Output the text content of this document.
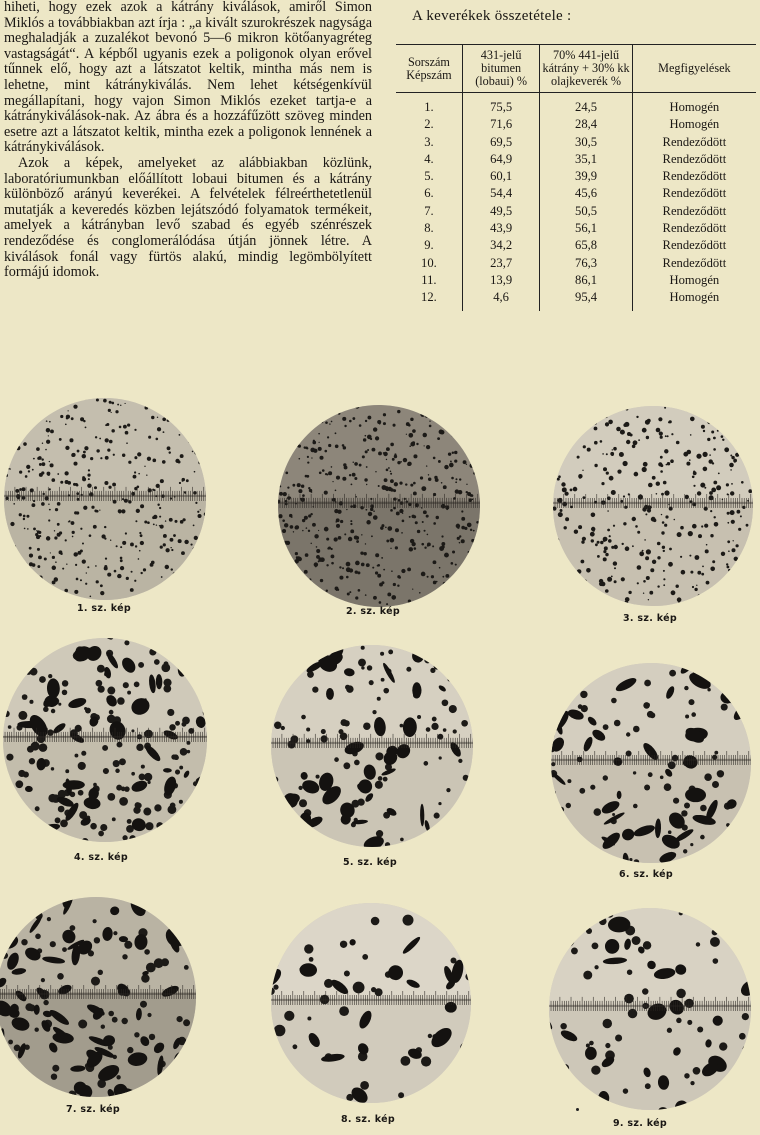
hiheti, hogy ezek azok a kátrány kiválások, amiről Simon Miklós a továbbiakban azt írja : „a kivált szurokrészek nagysága meghaladják a zuzalékot bevonó 5—6 mikron kötőanyagréteg vastagságát“. A képből ugyanis ezek a poligonok olyan erővel tűnnek elő, hogy azt a látszatot keltik, mintha más nem is lehetne, mint kátránykiválás. Nem lehet kétségenkívül megállapítani, hogy vajon Simon Miklós ezeket tartja-e a kátránykiválások-nak. Az ábra és a hozzáfűzött szöveg minden esetre azt a látszatot keltik, mintha ezek a poligonok lennének a kátránykiválások.

Azok a képek, amelyeket az alábbiakban közlünk, laboratóriumunkban előállított lobaui bitumen és a kátrány különböző arányú keverékei. A felvételek félreérthetetlenül mutatják a keveredés közben lejátszódó folyamatok termékeit, amelyek a kátrányban levő szabad és egyéb szénrészek rendeződése és conglomerálódása útján jönnek létre. A kiválások fonál vagy fürtös alakú, mindig legömbölyített formájú idomok.

A keverékek összetétele :
Sorszám Képszám	431-jelű bitumen (lobaui) %	70% 441-jelű kátrány + 30% kk olajkeverék %	Megfigyelések
1.	75,5	24,5	Homogén
2.	71,6	28,4	Homogén
3.	69,5	30,5	Rendeződött
4.	64,9	35,1	Rendeződött
5.	60,1	39,9	Rendeződött
6.	54,4	45,6	Rendeződött
7.	49,5	50,5	Rendeződött
8.	43,9	56,1	Rendeződött
9.	34,2	65,8	Rendeződött
10.	23,7	76,3	Rendeződött
11.	13,9	86,1	Homogén
12.	4,6	95,4	Homogén
1. sz. kép	2. sz. kép
3. sz. kép
4. sz. kép	5. sz. kép
6. sz. kép
7. sz. kép
8. sz. kép	9. sz. kép
